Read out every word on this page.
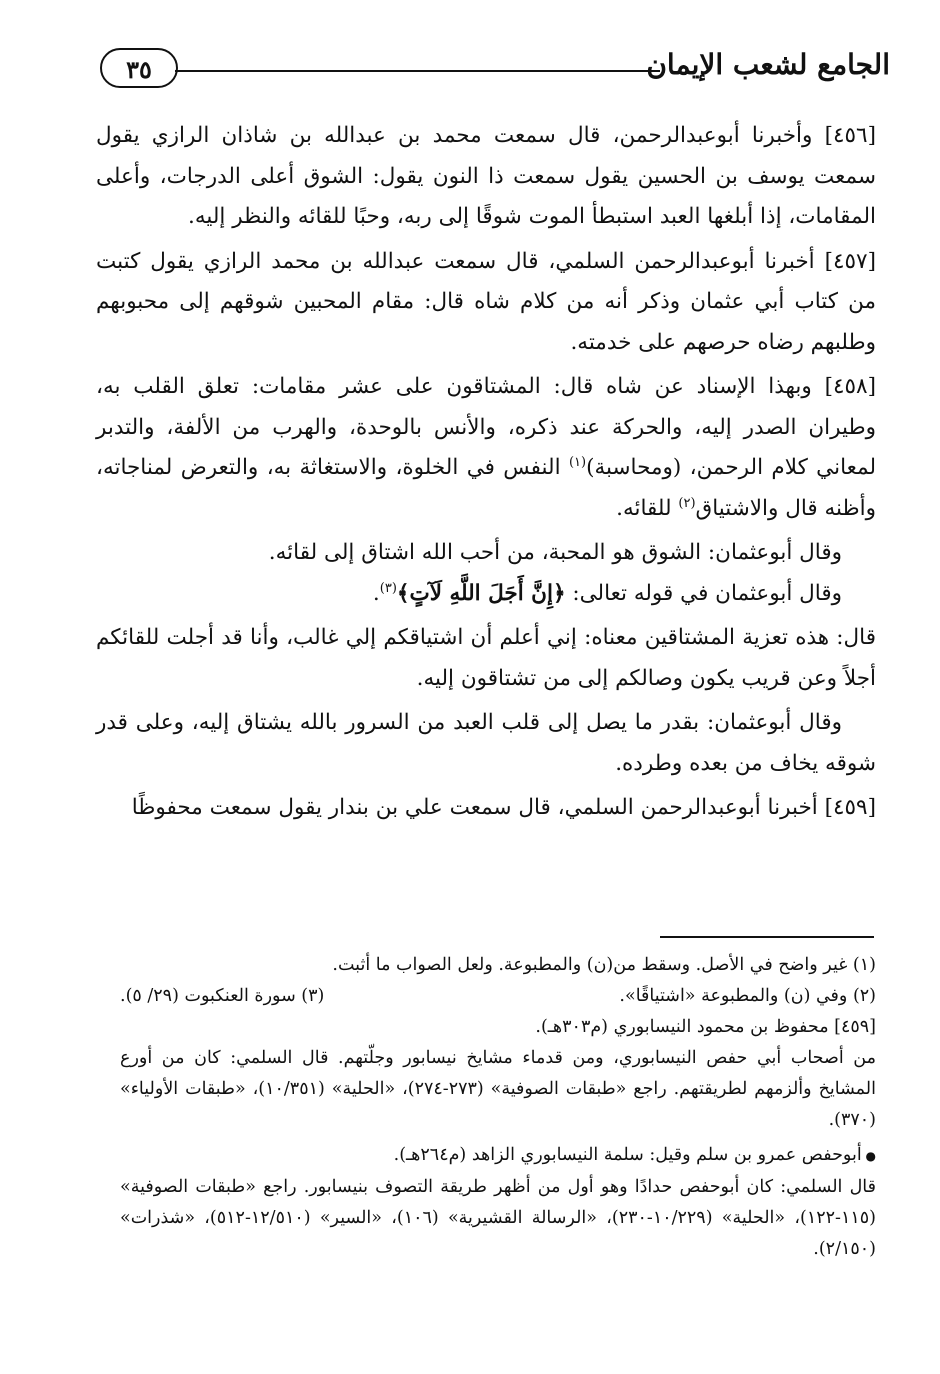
الجامع لشعب الإيمان
٣٥

[٤٥٦] وأخبرنا أبوعبدالرحمن، قال سمعت محمد بن عبدالله بن شاذان الرازي يقول سمعت يوسف بن الحسين يقول سمعت ذا النون يقول: الشوق أعلى الدرجات، وأعلى المقامات، إذا أبلغها العبد استبطأ الموت شوقًا إلى ربه، وحبًا للقائه والنظر إليه.

[٤٥٧] أخبرنا أبوعبدالرحمن السلمي، قال سمعت عبدالله بن محمد الرازي يقول كتبت من كتاب أبي عثمان وذكر أنه من كلام شاه قال: مقام المحبين شوقهم إلى محبوبهم وطلبهم رضاه حرصهم على خدمته.

[٤٥٨] وبهذا الإسناد عن شاه قال: المشتاقون على عشر مقامات: تعلق القلب به، وطيران الصدر إليه، والحركة عند ذكره، والأنس بالوحدة، والهرب من الألفة، والتدبر لمعاني كلام الرحمن، (ومحاسبة)$^{(١)}$ النفس في الخلوة، والاستغاثة به، والتعرض لمناجاته، وأظنه قال والاشتياق$^{(٢)}$ للقائه.

وقال أبوعثمان: الشوق هو المحبة، من أحب الله اشتاق إلى لقائه.

وقال أبوعثمان في قوله تعالى: ﴿إِنَّ أَجَلَ اللَّهِ لَآتٍ﴾$^{(٣)}$.

قال: هذه تعزية المشتاقين معناه: إني أعلم أن اشتياقكم إلي غالب، وأنا قد أجلت للقائكم أجلاً وعن قريب يكون وصالكم إلى من تشتاقون إليه.

وقال أبوعثمان: بقدر ما يصل إلى قلب العبد من السرور بالله يشتاق إليه، وعلى قدر شوقه يخاف من بعده وطرده.

[٤٥٩] أخبرنا أبوعبدالرحمن السلمي، قال سمعت علي بن بندار يقول سمعت محفوظًا

(١) غير واضح في الأصل. وسقط من(ن) والمطبوعة. ولعل الصواب ما أثبت.

(٢) وفي (ن) والمطبوعة «اشتياقًا».
(٣) سورة العنكبوت (٢٩/ ٥).

[٤٥٩] محفوظ بن محمود النيسابوري (م٣٠٣هـ).

من أصحاب أبي حفص النيسابوري، ومن قدماء مشايخ نيسابور وجلّتهم. قال السلمي: كان من أورع المشايخ وألزمهم لطريقتهم. راجع «طبقات الصوفية» (٢٧٣-٢٧٤)، «الحلية» (١٠/٣٥١)، «طبقات الأولياء» (٣٧٠).

● أبوحفص عمرو بن سلم وقيل: سلمة النيسابوري الزاهد (م٢٦٤هـ).

قال السلمي: كان أبوحفص حدادًا وهو أول من أظهر طريقة التصوف بنيسابور. راجع «طبقات الصوفية» (١١٥-١٢٢)، «الحلية» (١٠/٢٢٩-٢٣٠)، «الرسالة القشيرية» (١٠٦)، «السير» (١٢/٥١٠-٥١٢)، «شذرات» (٢/١٥٠).
